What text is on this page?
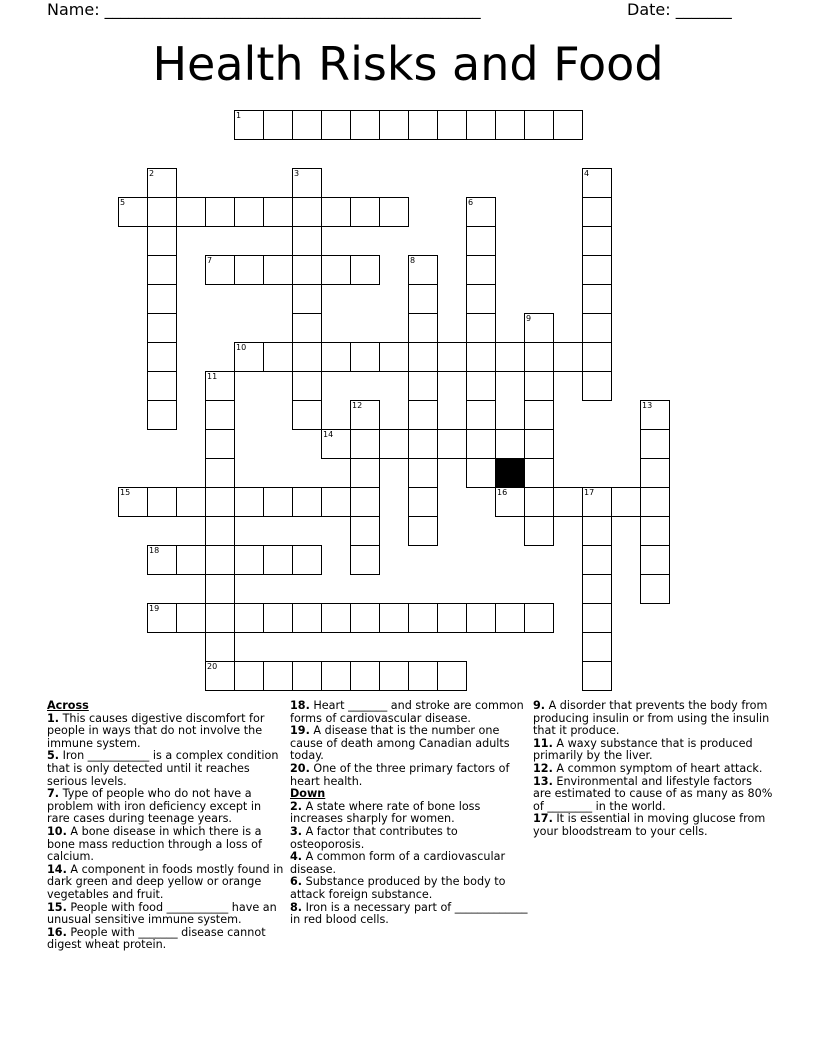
Name: _______________________________________________	Date: _______
Health Risks and Food
1
2	3	4
5	6
7	8
9
10
11
20
12	13
14
15	16	17
18
19
Across

1. This causes digestive discomfort for people in ways that do not involve the immune system.

5. Iron ___________ is a complex condition that is only detected until it reaches serious levels.

7. Type of people who do not have a problem with iron deficiency except in rare cases during teenage years.

10. A bone disease in which there is a bone mass reduction through a loss of calcium.

14. A component in foods mostly found in dark green and deep yellow or orange vegetables and fruit.

15. People with food ___________ have an unusual sensitive immune system.

16. People with _______ disease cannot digest wheat protein.

18. Heart _______ and stroke are common forms of cardiovascular disease.

19. A disease that is the number one cause of death among Canadian adults today.

20. One of the three primary factors of heart health.

Down

2. A state where rate of bone loss increases sharply for women.

3. A factor that contributes to osteoporosis.

4. A common form of a cardiovascular disease.

6. Substance produced by the body to attack foreign substance.

8. Iron is a necessary part of _____________ in red blood cells.

9. A disorder that prevents the body from producing insulin or from using the insulin that it produce.

11. A waxy substance that is produced primarily by the liver.

12. A common symptom of heart attack.

13. Environmental and lifestyle factors are estimated to cause of as many as 80% of ________ in the world.

17. It is essential in moving glucose from your bloodstream to your cells.
